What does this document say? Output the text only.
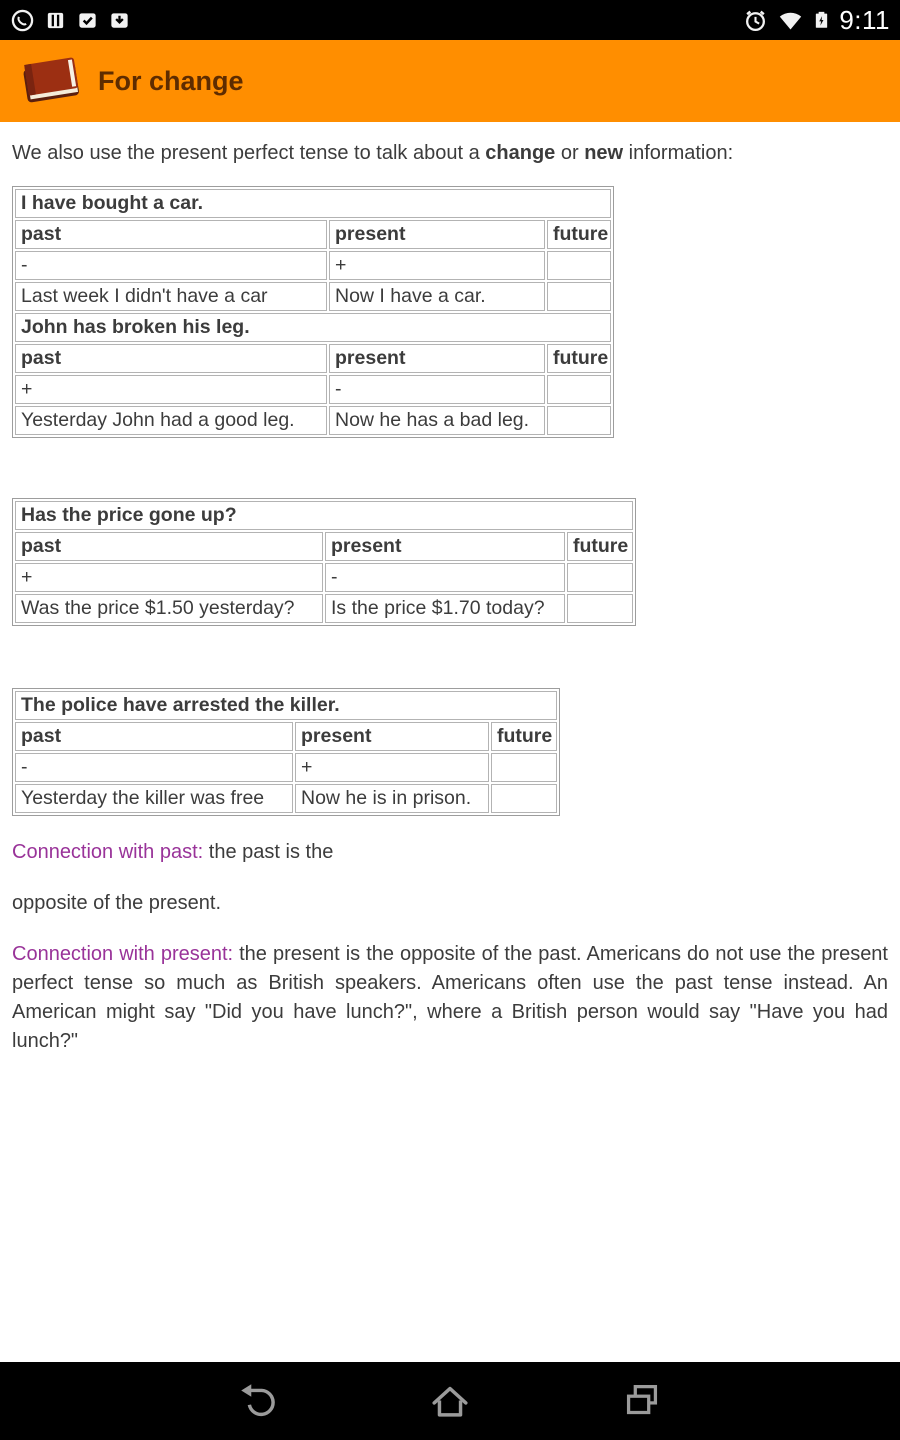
9:11
For change

We also use the present perfect tense to talk about a change or new information:

I have bought a car.		
past	present	future
-	+	
Last week I didn't have a car	Now I have a car.	
John has broken his leg.		
past	present	future
+	-	
Yesterday John had a good leg.	Now he has a bad leg.	
Has the price gone up?		
past	present	future
+	-	
Was the price $1.50 yesterday?	Is the price $1.70 today?	
The police have arrested the killer.		
past	present	future
-	+	
Yesterday the killer was free	Now he is in prison.	

Connection with past: the past is the

opposite of the present.

Connection with present: the present is the opposite of the past. Americans do not use the present perfect tense so much as British speakers. Americans often use the past tense instead. An American might say "Did you have lunch?", where a British person would say "Have you had lunch?"
